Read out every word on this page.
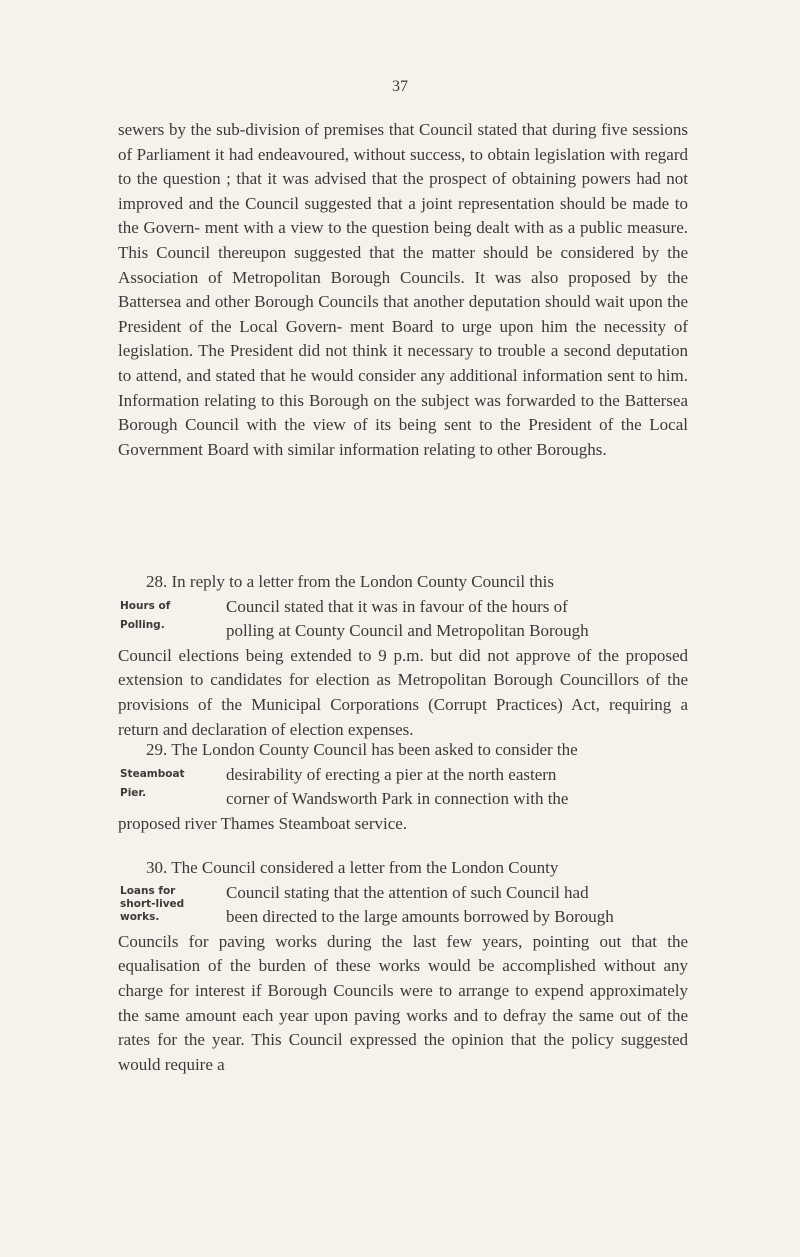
37
sewers by the sub-division of premises that Council stated that during five sessions of Parliament it had endeavoured, without success, to obtain legislation with regard to the question ; that it was advised that the prospect of obtaining powers had not improved and the Council suggested that a joint representation should be made to the Govern- ment with a view to the question being dealt with as a public measure. This Council thereupon suggested that the matter should be considered by the Association of Metropolitan Borough Councils. It was also proposed by the Battersea and other Borough Councils that another deputation should wait upon the President of the Local Govern- ment Board to urge upon him the necessity of legislation. The President did not think it necessary to trouble a second deputation to attend, and stated that he would consider any additional information sent to him. Information relating to this Borough on the subject was forwarded to the Battersea Borough Council with the view of its being sent to the President of the Local Government Board with similar information relating to other Boroughs.
28. In reply to a letter from the London County Council this
Council stated that it was in favour of the hours of
polling at County Council and Metropolitan Borough
Council elections being extended to 9 p.m. but did not approve of the proposed extension to candidates for election as Metropolitan Borough Councillors of the provisions of the Municipal Corporations (Corrupt Practices) Act, requiring a return and declaration of election expenses.
Hours of
Polling.
29. The London County Council has been asked to consider the
desirability of erecting a pier at the north eastern
corner of Wandsworth Park in connection with the
proposed river Thames Steamboat service.
Steamboat
Pier.
30. The Council considered a letter from the London County
Council stating that the attention of such Council had
been directed to the large amounts borrowed by Borough
Councils for paving works during the last few years, pointing out that the equalisation of the burden of these works would be accomplished without any charge for interest if Borough Councils were to arrange to expend approximately the same amount each year upon paving works and to defray the same out of the rates for the year. This Council expressed the opinion that the policy suggested would require a
Loans for
short-lived
works.
